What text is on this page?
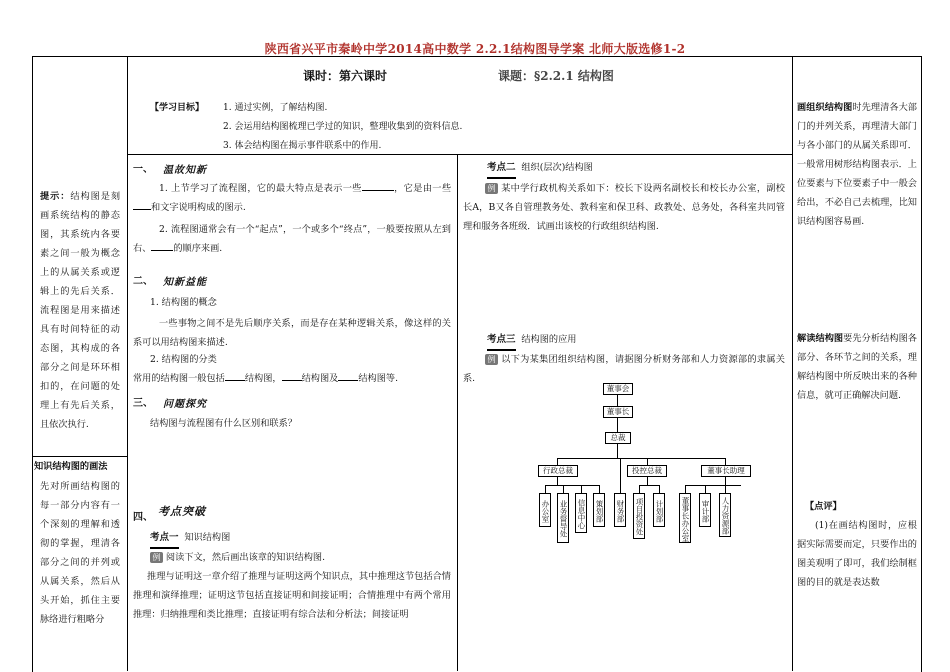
陕西省兴平市秦岭中学2014高中数学 2.2.1结构图导学案 北师大版选修1-2
课时：第六课时	课题：§2.2.1 结构图
【学习目标】 1. 通过实例，了解结构图.
2. 会运用结构图梳理已学过的知识，整理收集到的资料信息.
3. 体会结构图在揭示事件联系中的作用.
提示：结构图是刻画系统结构的静态图，其系统内各要素之间一般为概念上的从属关系或逻辑上的先后关系．流程图是用来描述具有时间特征的动态图，其构成的各部分之间是环环相扣的，在问题的处理上有先后关系，且依次执行.
知识结构图的画法
先对所画结构图的每一部分内容有一个深刻的理解和透彻的掌握，理清各部分之间的并列或从属关系，然后从头开始，抓住主要脉络进行粗略分
一、	温故知新
1. 上节学习了流程图，它的最大特点是表示一些	，它是由一些和文字说明构成的图示.
2. 流程图通常会有一个“起点”，一个或多个“终点”，一般要按照从左到右、 的顺序来画.
二、	知新益能
1. 结构图的概念
一些事物之间不是先后顺序关系，而是存在某种逻辑关系，像这样的关系可以用结构图来描述.
2. 结构图的分类
常用的结构图一般包括 结构图， 结构图及 结构图等.
三、	问题探究
结构图与流程图有什么区别和联系？
四、 考点突破
考点一 知识结构图
例1 阅读下文，然后画出该章的知识结构图.
推理与证明这一章介绍了推理与证明这两个知识点，其中推理这节包括合情推理和演绎推理；证明这节包括直接证明和间接证明；合情推理中有两个常用推理：归纳推理和类比推理；直接证明有综合法和分析法；间接证明
考点二 组织(层次)结构图
例2 某中学行政机构关系如下：校长下设两名副校长和校长办公室，副校长A，B又各自管理教务处、教科室和保卫科、政教处、总务处，各科室共同管理和服务各班级．试画出该校的行政组织结构图.
考点三 结构图的应用
例3 以下为某集团组织结构图，请据图分析财务部和人力资源部的隶属关系.
董事会
董事长
总裁
行政总裁	投控总裁	董事长助理
办公室 业务督导处 信息中心 策划部 财务部 项目投资处 计划部 董事长办公室 审计部 人力资源部
画组织结构图时先理清各大部门的并列关系，再理清大部门与各小部门的从属关系即可．一般常用树形结构图表示．上位要素与下位要素子中一般会给出，不必自己去梳理，比知识结构图容易画.
解读结构图要先分析结构图各部分、各环节之间的关系，理解结构图中所反映出来的各种信息，就可正确解决问题.
【点评】
(1)在画结构图时，应根据实际需要而定，只要作出的图美观明了即可，我们绘制框图的目的就是表达数
